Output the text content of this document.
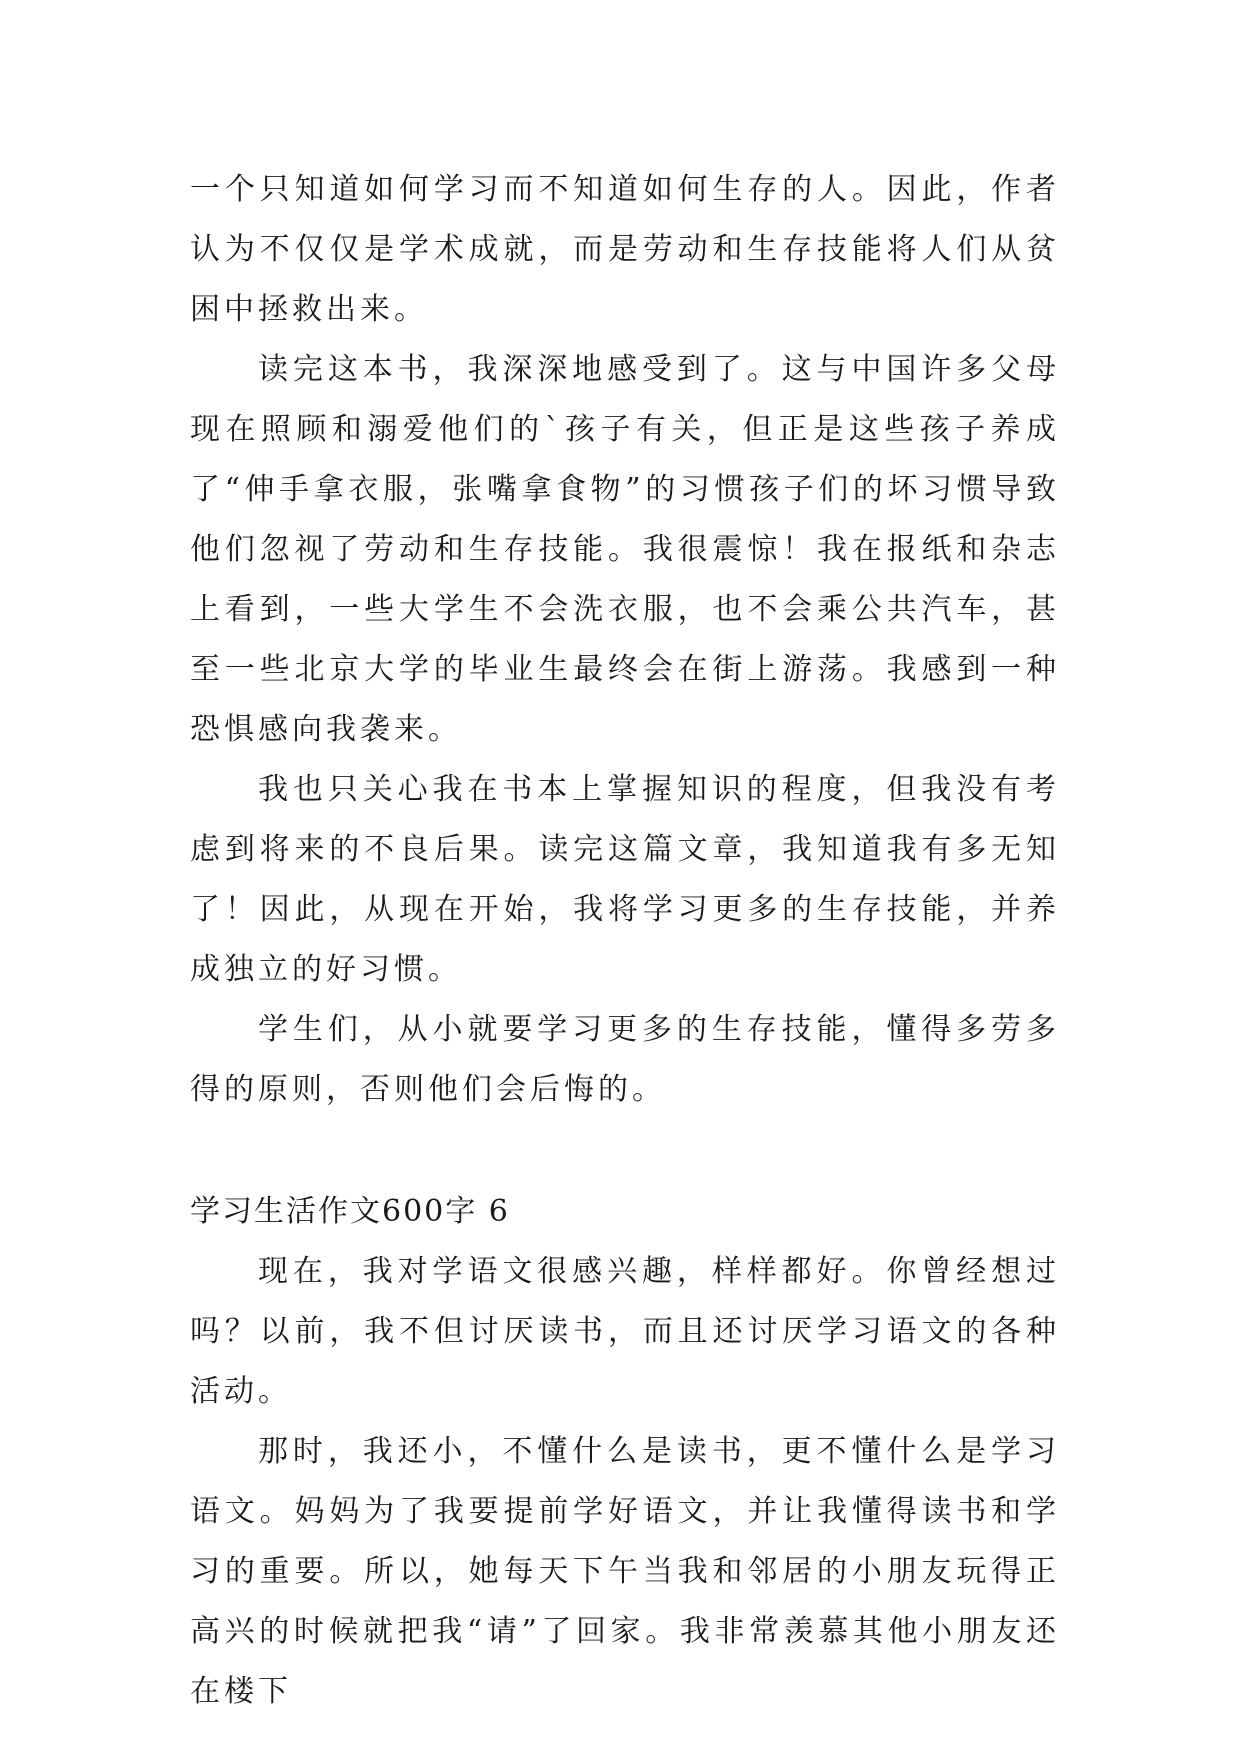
一个只知道如何学习而不知道如何生存的人。因此，作者认为不仅仅是学术成就，而是劳动和生存技能将人们从贫困中拯救出来。

读完这本书，我深深地感受到了。这与中国许多父母现在照顾和溺爱他们的`孩子有关，但正是这些孩子养成了“伸手拿衣服，张嘴拿食物”的习惯孩子们的坏习惯导致他们忽视了劳动和生存技能。我很震惊！我在报纸和杂志上看到，一些大学生不会洗衣服，也不会乘公共汽车，甚至一些北京大学的毕业生最终会在街上游荡。我感到一种恐惧感向我袭来。

我也只关心我在书本上掌握知识的程度，但我没有考虑到将来的不良后果。读完这篇文章，我知道我有多无知了！因此，从现在开始，我将学习更多的生存技能，并养成独立的好习惯。

学生们，从小就要学习更多的生存技能，懂得多劳多得的原则，否则他们会后悔的。

学习生活作文600字 6

现在，我对学语文很感兴趣，样样都好。你曾经想过吗？以前，我不但讨厌读书，而且还讨厌学习语文的各种活动。

那时，我还小，不懂什么是读书，更不懂什么是学习语文。妈妈为了我要提前学好语文，并让我懂得读书和学习的重要。所以，她每天下午当我和邻居的小朋友玩得正高兴的时候就把我“请”了回家。我非常羡慕其他小朋友还在楼下
